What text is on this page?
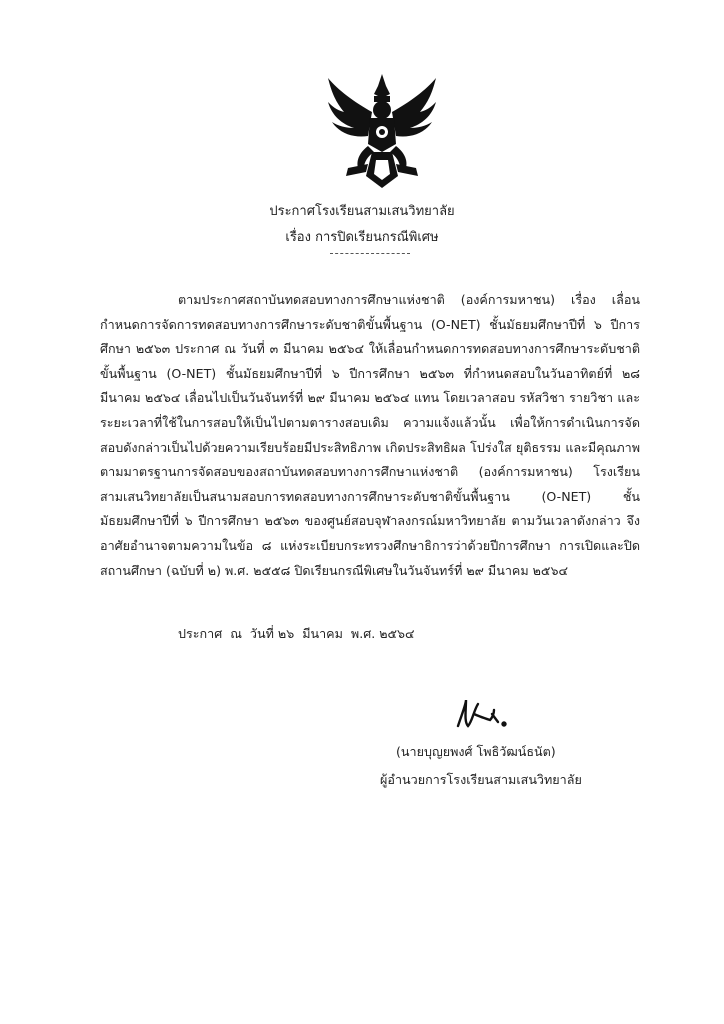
ประกาศโรงเรียนสามเสนวิทยาลัย
เรื่อง การปิดเรียนกรณีพิเศษ
ตามประกาศสถาบันทดสอบทางการศึกษาแห่งชาติ (องค์การมหาชน) เรื่อง เลื่อนกำหนดการจัดการทดสอบทางการศึกษาระดับชาติขั้นพื้นฐาน (O-NET) ชั้นมัธยมศึกษาปีที่ ๖ ปีการศึกษา ๒๕๖๓ ประกาศ ณ วันที่ ๓ มีนาคม ๒๕๖๔ ให้เลื่อนกำหนดการทดสอบทางการศึกษาระดับชาติขั้นพื้นฐาน (O-NET) ชั้นมัธยมศึกษาปีที่ ๖ ปีการศึกษา ๒๕๖๓ ที่กำหนดสอบในวันอาทิตย์ที่ ๒๘ มีนาคม ๒๕๖๔ เลื่อนไปเป็นวันจันทร์ที่ ๒๙ มีนาคม ๒๕๖๔ แทน โดยเวลาสอบ รหัสวิชา รายวิชา และระยะเวลาที่ใช้ในการสอบให้เป็นไปตามตารางสอบเดิม ความแจ้งแล้วนั้น เพื่อให้การดำเนินการจัดสอบดังกล่าวเป็นไปด้วยความเรียบร้อยมีประสิทธิภาพ เกิดประสิทธิผล โปร่งใส ยุติธรรม และมีคุณภาพตามมาตรฐานการจัดสอบของสถาบันทดสอบทางการศึกษาแห่งชาติ (องค์การมหาชน) โรงเรียนสามเสนวิทยาลัยเป็นสนามสอบการทดสอบทางการศึกษาระดับชาติขั้นพื้นฐาน (O-NET) ชั้นมัธยมศึกษาปีที่ ๖ ปีการศึกษา ๒๕๖๓ ของศูนย์สอบจุฬาลงกรณ์มหาวิทยาลัย ตามวันเวลาดังกล่าว จึงอาศัยอำนาจตามความในข้อ ๘ แห่งระเบียบกระทรวงศึกษาธิการว่าด้วยปีการศึกษา การเปิดและปิดสถานศึกษา (ฉบับที่ ๒) พ.ศ. ๒๕๕๘ ปิดเรียนกรณีพิเศษในวันจันทร์ที่ ๒๙ มีนาคม ๒๕๖๔
ประกาศ  ณ  วันที่ ๒๖  มีนาคม  พ.ศ. ๒๕๖๔
(นายบุญยพงศ์ โพธิวัฒน์ธนัต)
ผู้อำนวยการโรงเรียนสามเสนวิทยาลัย
